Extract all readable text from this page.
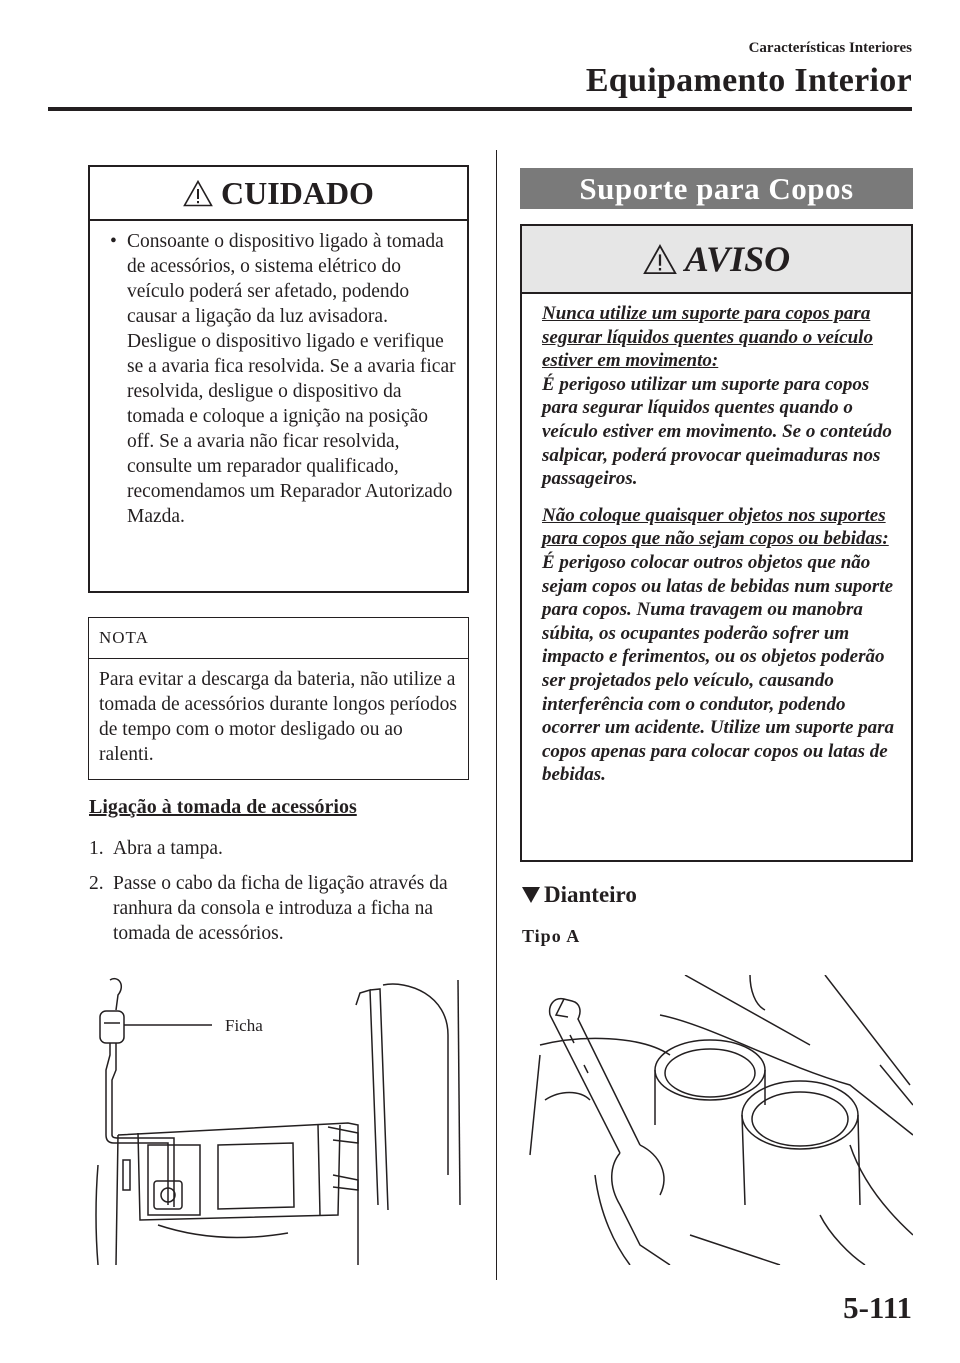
Características Interiores
Equipamento Interior
CUIDADO
• Consoante o dispositivo ligado à tomada de acessórios, o sistema elétrico do veículo poderá ser afetado, podendo causar a ligação da luz avisadora. Desligue o dispositivo ligado e verifique se a avaria fica resolvida. Se a avaria ficar resolvida, desligue o dispositivo da tomada e coloque a ignição na posição off. Se a avaria não ficar resolvida, consulte um reparador qualificado, recomendamos um Reparador Autorizado Mazda.
NOTA

Para evitar a descarga da bateria, não utilize a tomada de acessórios durante longos períodos de tempo com o motor desligado ou ao ralenti.

Ligação à tomada de acessórios
1. Abra a tampa.
2. Passe o cabo da ficha de ligação através da ranhura da consola e introduza a ficha na tomada de acessórios.
Ficha
Suporte para Copos
AVISO
Nunca utilize um suporte para copos para segurar líquidos quentes quando o veículo estiver em movimento:
É perigoso utilizar um suporte para copos para segurar líquidos quentes quando o veículo estiver em movimento. Se o conteúdo salpicar, poderá provocar queimaduras nos passageiros.
Não coloque quaisquer objetos nos suportes para copos que não sejam copos ou bebidas:
É perigoso colocar outros objetos que não sejam copos ou latas de bebidas num suporte para copos. Numa travagem ou manobra súbita, os ocupantes poderão sofrer um impacto e ferimentos, ou os objetos poderão ser projetados pelo veículo, causando interferência com o condutor, podendo ocorrer um acidente. Utilize um suporte para copos apenas para colocar copos ou latas de bebidas.
Dianteiro
Tipo A
5-111
